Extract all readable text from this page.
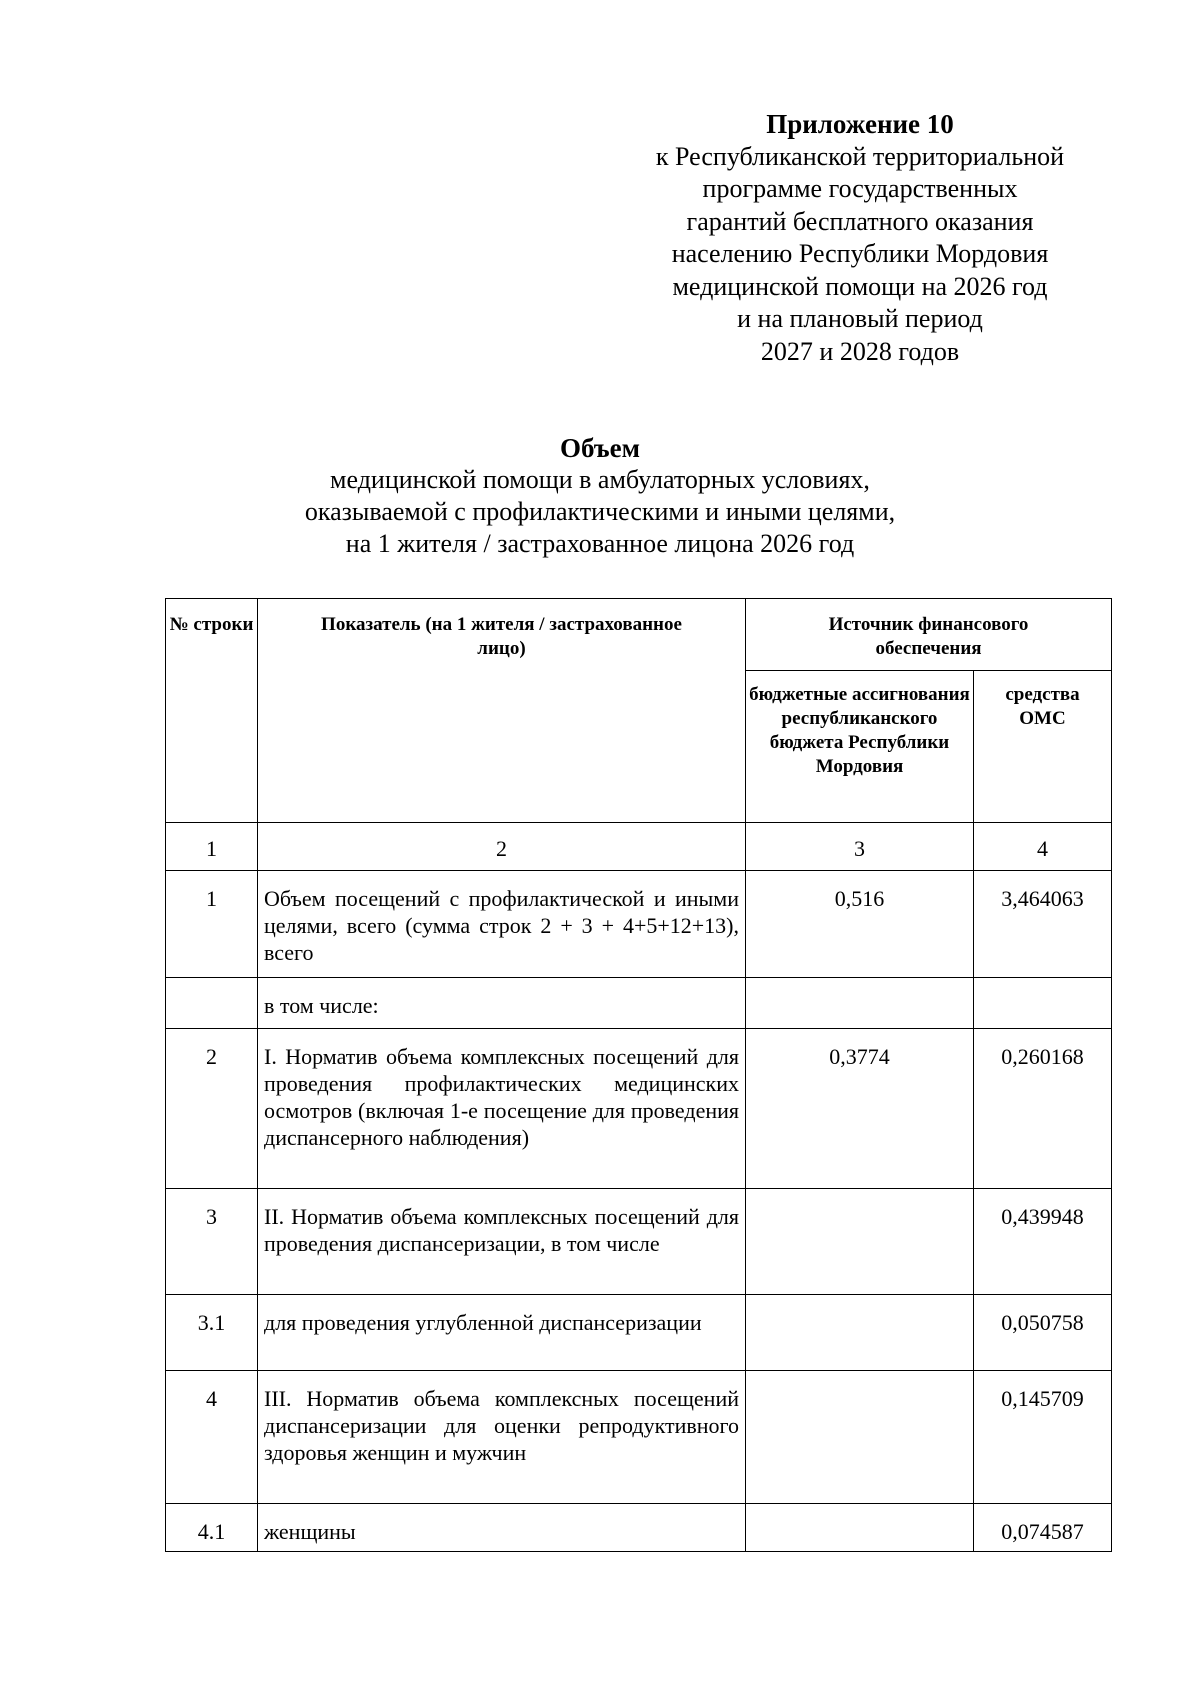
Приложение 10
к Республиканской территориальной
программе государственных
гарантий бесплатного оказания
населению Республики Мордовия
медицинской помощи на 2026 год
и на плановый период
2027 и 2028 годов
Объем
медицинской помощи в амбулаторных условиях,
оказываемой с профилактическими и иными целями,
на 1 жителя / застрахованное лицона 2026 год
№ строки	Показатель (на 1 жителя / застрахованное лицо)	Источник финансового обеспечения	
		бюджетные ассигнования республиканского бюджета Республики Мордовия	средства ОМС
1	2	3	4
1	Объем посещений с профилактической и иными целями, всего (сумма строк 2 + 3 + 4+5+12+13), всего	0,516	3,464063
	в том числе:		
2	I. Норматив объема комплексных посещений для проведения профилактических медицинских осмотров (включая 1-е посещение для проведения диспансерного наблюдения)	0,3774	0,260168
3	II. Норматив объема комплексных посещений для проведения диспансеризации, в том числе		0,439948
3.1	для проведения углубленной диспансеризации		0,050758
4	III. Норматив объема комплексных посещений диспансеризации для оценки репродуктивного здоровья женщин и мужчин		0,145709
4.1	женщины		0,074587
